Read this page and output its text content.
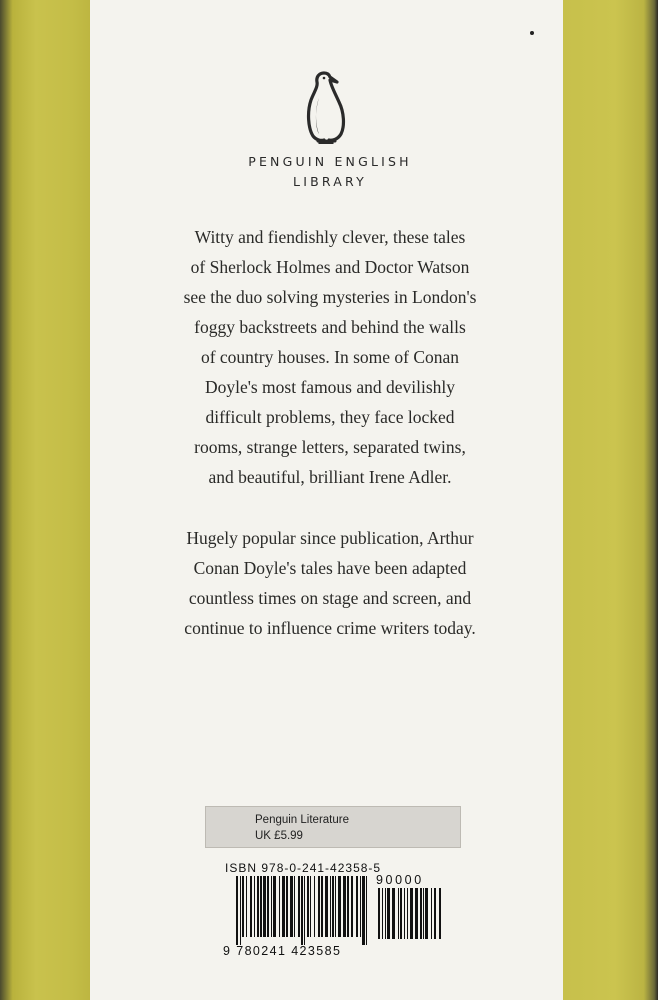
PENGUIN ENGLISH
LIBRARY

Witty and fiendishly clever, these tales
of Sherlock Holmes and Doctor Watson
see the duo solving mysteries in London's
foggy backstreets and behind the walls
of country houses. In some of Conan
Doyle's most famous and devilishly
difficult problems, they face locked
rooms, strange letters, separated twins,
and beautiful, brilliant Irene Adler.

Hugely popular since publication, Arthur
Conan Doyle's tales have been adapted
countless times on stage and screen, and
continue to influence crime writers today.

Penguin Literature
UK £5.99
ISBN 978-0-241-42358-5
9 780241 423585
90000
